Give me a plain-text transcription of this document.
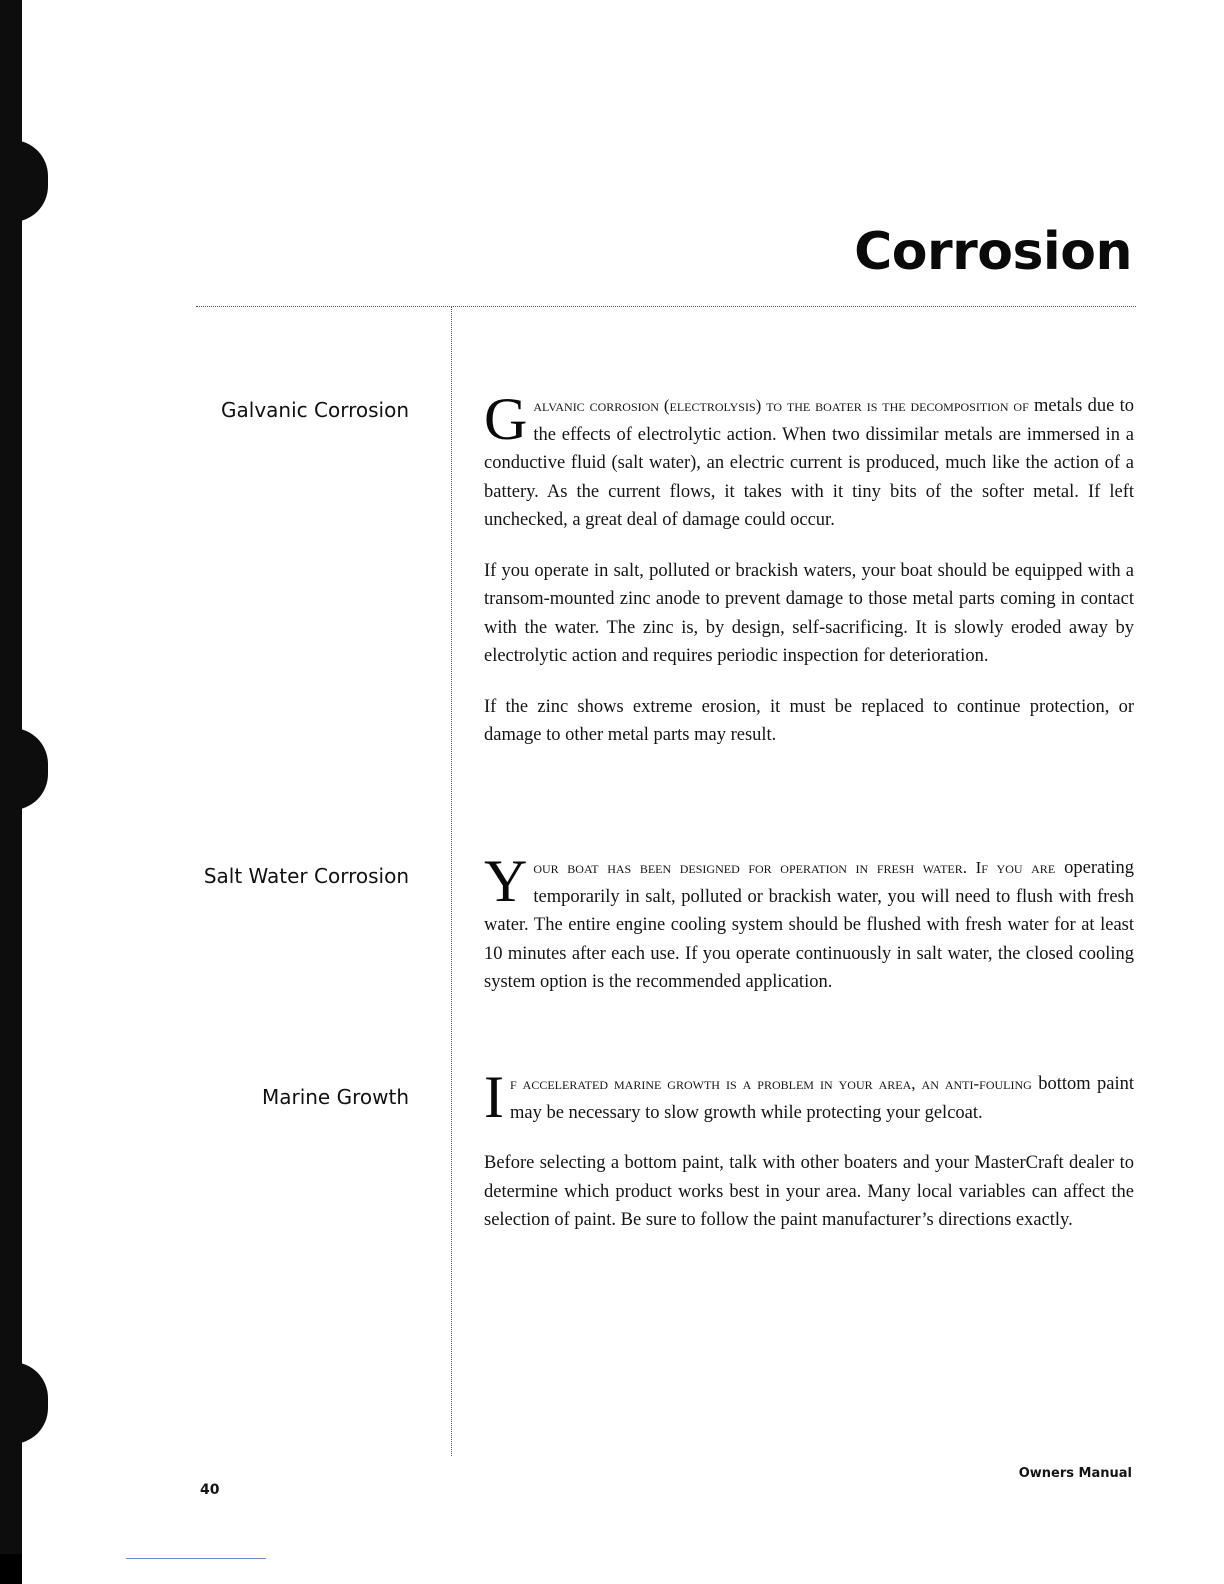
Corrosion
Galvanic Corrosion Galvanic corrosion (electrolysis) to the boater is the decomposition of metals due to the effects of electrolytic action. When two dissimilar metals are immersed in a conductive fluid (salt water), an electric current is produced, much like the action of a battery. As the current flows, it takes with it tiny bits of the softer metal. If left unchecked, a great deal of damage could occur.

If you operate in salt, polluted or brackish waters, your boat should be equipped with a transom-mounted zinc anode to prevent damage to those metal parts coming in contact with the water. The zinc is, by design, self-sacrificing. It is slowly eroded away by electrolytic action and requires periodic inspection for deterioration.

If the zinc shows extreme erosion, it must be replaced to continue protection, or damage to other metal parts may result.

Salt Water Corrosion Your boat has been designed for operation in fresh water. If you are operating temporarily in salt, polluted or brackish water, you will need to flush with fresh water. The entire engine cooling system should be flushed with fresh water for at least 10 minutes after each use. If you operate continuously in salt water, the closed cooling system option is the recommended application.

Marine Growth If accelerated marine growth is a problem in your area, an anti-fouling bottom paint may be necessary to slow growth while protecting your gelcoat.

Before selecting a bottom paint, talk with other boaters and your MasterCraft dealer to determine which product works best in your area. Many local variables can affect the selection of paint. Be sure to follow the paint manufacturer’s directions exactly.

40
Owners Manual
